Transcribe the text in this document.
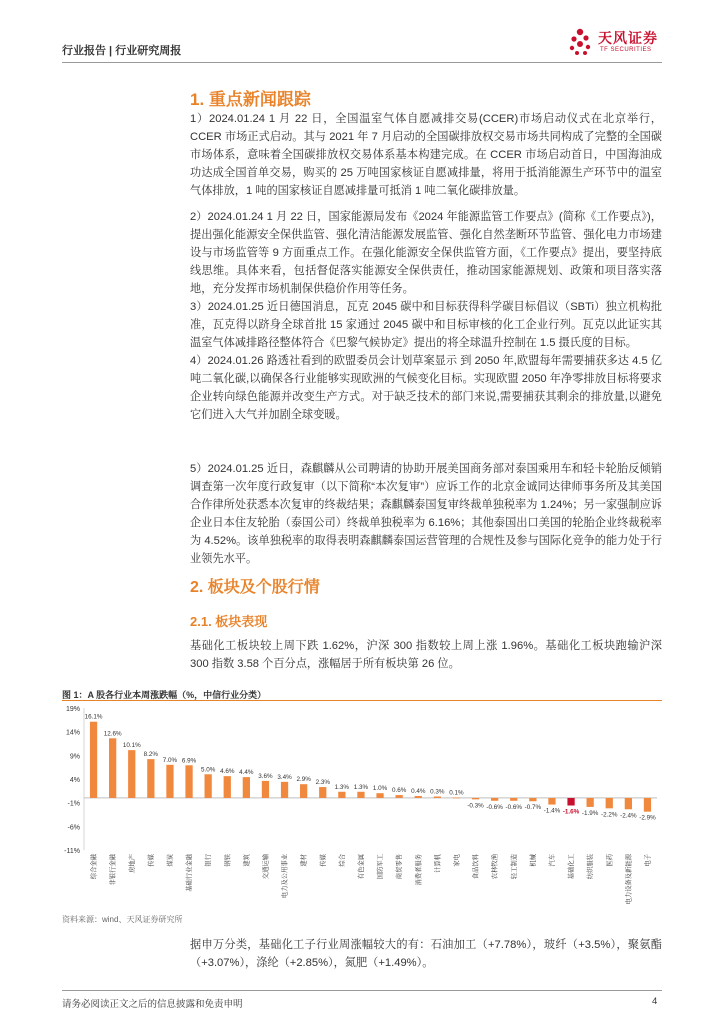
行业报告 | 行业研究周报
天风证券
TF SECURITIES
1. 重点新闻跟踪
1）2024.01.24 1 月 22 日，全国温室气体自愿减排交易(CCER)市场启动仪式在北京举行，CCER 市场正式启动。其与 2021 年 7 月启动的全国碳排放权交易市场共同构成了完整的全国碳市场体系，意味着全国碳排放权交易体系基本构建完成。在 CCER 市场启动首日，中国海油成功达成全国首单交易，购买的 25 万吨国家核证自愿减排量，将用于抵消能源生产环节中的温室气体排放，1 吨的国家核证自愿减排量可抵消 1 吨二氧化碳排放量。
2）2024.01.24 1 月 22 日，国家能源局发布《2024 年能源监管工作要点》(简称《工作要点》)，提出强化能源安全保供监管、强化清洁能源发展监管、强化自然垄断环节监管、强化电力市场建设与市场监管等 9 方面重点工作。在强化能源安全保供监管方面，《工作要点》提出，要坚持底线思维。具体来看，包括督促落实能源安全保供责任，推动国家能源规划、政策和项目落实落地，充分发挥市场机制保供稳价作用等任务。
3）2024.01.25 近日德国消息，瓦克 2045 碳中和目标获得科学碳目标倡议（SBTi）独立机构批准，瓦克得以跻身全球首批 15 家通过 2045 碳中和目标审核的化工企业行列。瓦克以此证实其温室气体减排路径整体符合《巴黎气候协定》提出的将全球温升控制在 1.5 摄氏度的目标。
4）2024.01.26 路透社看到的欧盟委员会计划草案显示 到 2050 年,欧盟每年需要捕获多达 4.5 亿吨二氧化碳,以确保各行业能够实现欧洲的气候变化目标。实现欧盟 2050 年净零排放目标将要求企业转向绿色能源并改变生产方式。对于缺乏技术的部门来说,需要捕获其剩余的排放量,以避免它们进入大气并加剧全球变暖。
5）2024.01.25 近日，森麒麟从公司聘请的协助开展美国商务部对泰国乘用车和轻卡轮胎反倾销调查第一次年度行政复审（以下简称“本次复审”）应诉工作的北京金诚同达律师事务所及其美国合作律所处获悉本次复审的终裁结果；森麒麟泰国复审终裁单独税率为 1.24%；另一家强制应诉企业日本住友轮胎（泰国公司）终裁单独税率为 6.16%；其他泰国出口美国的轮胎企业终裁税率为 4.52%。该单独税率的取得表明森麒麟泰国运营管理的合规性及参与国际化竞争的能力处于行业领先水平。
2. 板块及个股行情
2.1. 板块表现
基础化工板块较上周下跌 1.62%，沪深 300 指数较上周上涨 1.96%。基础化工板块跑输沪深 300 指数 3.58 个百分点，涨幅居于所有板块第 26 位。
图 1：A 股各行业本周涨跌幅（%，中信行业分类）
19%
14%
9%
4%
-1%
-6%
-11%
16.1%
综合金融
12.6%
非银行金融
10.1%
房地产
8.2%
传媒
7.0%
煤炭
6.9%
基础行业金融
5.0%
银行
4.6%
钢铁
4.4%
建筑
3.6%
交通运输
3.4%
电力及公用事业
2.9%
建材
2.3%
传媒
1.3%
综合
1.3%
有色金属
1.0%
国防军工
0.6%
商贸零售
0.4%
消费者服务
0.3%
计算机
0.1%
家电
-0.3%
食品饮料
-0.6%
农林牧渔
-0.6%
轻工制造
-0.7%
机械
-1.4%
汽车
-1.6%
基础化工
-1.9%
纺织服装
-2.2%
医药
-2.4%
电力设备及新能源
-2.9%
电子
资料来源：wind、天风证券研究所
据申万分类，基础化工子行业周涨幅较大的有：石油加工（+7.78%），玻纤（+3.5%），聚氨酯（+3.07%），涤纶（+2.85%），氮肥（+1.49%）。
请务必阅读正文之后的信息披露和免责申明	4
